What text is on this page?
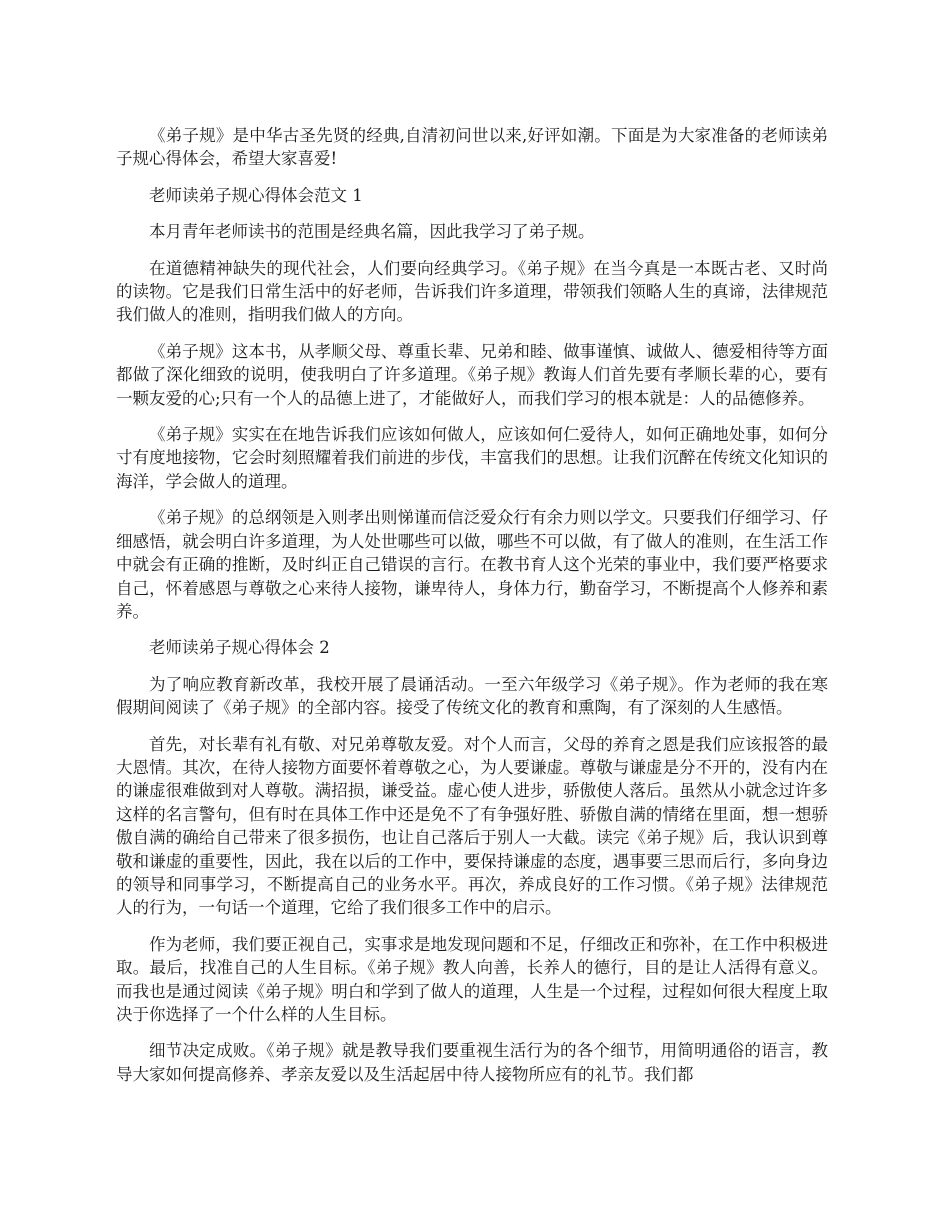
《弟子规》是中华古圣先贤的经典,自清初问世以来,好评如潮。下面是为大家准备的老师读弟子规心得体会，希望大家喜爱!

老师读弟子规心得体会范文 1

本月青年老师读书的范围是经典名篇，因此我学习了弟子规。

在道德精神缺失的现代社会，人们要向经典学习。《弟子规》在当今真是一本既古老、又时尚的读物。它是我们日常生活中的好老师，告诉我们许多道理，带领我们领略人生的真谛，法律规范我们做人的准则，指明我们做人的方向。

《弟子规》这本书，从孝顺父母、尊重长辈、兄弟和睦、做事谨慎、诚做人、德爱相待等方面都做了深化细致的说明，使我明白了许多道理。《弟子规》教诲人们首先要有孝顺长辈的心，要有一颗友爱的心;只有一个人的品德上进了，才能做好人，而我们学习的根本就是：人的品德修养。

《弟子规》实实在在地告诉我们应该如何做人，应该如何仁爱待人，如何正确地处事，如何分寸有度地接物，它会时刻照耀着我们前进的步伐，丰富我们的思想。让我们沉醉在传统文化知识的海洋，学会做人的道理。

《弟子规》的总纲领是入则孝出则悌谨而信泛爱众行有余力则以学文。只要我们仔细学习、仔细感悟，就会明白许多道理，为人处世哪些可以做，哪些不可以做，有了做人的准则，在生活工作中就会有正确的推断，及时纠正自己错误的言行。在教书育人这个光荣的事业中，我们要严格要求自己，怀着感恩与尊敬之心来待人接物，谦卑待人，身体力行，勤奋学习，不断提高个人修养和素养。

老师读弟子规心得体会 2

为了响应教育新改革，我校开展了晨诵活动。一至六年级学习《弟子规》。作为老师的我在寒假期间阅读了《弟子规》的全部内容。接受了传统文化的教育和熏陶，有了深刻的人生感悟。

首先，对长辈有礼有敬、对兄弟尊敬友爱。对个人而言，父母的养育之恩是我们应该报答的最大恩情。其次，在待人接物方面要怀着尊敬之心，为人要谦虚。尊敬与谦虚是分不开的，没有内在的谦虚很难做到对人尊敬。满招损，谦受益。虚心使人进步，骄傲使人落后。虽然从小就念过许多这样的名言警句，但有时在具体工作中还是免不了有争强好胜、骄傲自满的情绪在里面，想一想骄傲自满的确给自己带来了很多损伤，也让自己落后于别人一大截。读完《弟子规》后，我认识到尊敬和谦虚的重要性，因此，我在以后的工作中，要保持谦虚的态度，遇事要三思而后行，多向身边的领导和同事学习，不断提高自己的业务水平。再次，养成良好的工作习惯。《弟子规》法律规范人的行为，一句话一个道理，它给了我们很多工作中的启示。

作为老师，我们要正视自己，实事求是地发现问题和不足，仔细改正和弥补，在工作中积极进取。最后，找准自己的人生目标。《弟子规》教人向善，长养人的德行，目的是让人活得有意义。而我也是通过阅读《弟子规》明白和学到了做人的道理，人生是一个过程，过程如何很大程度上取决于你选择了一个什么样的人生目标。

细节决定成败。《弟子规》就是教导我们要重视生活行为的各个细节，用简明通俗的语言，教导大家如何提高修养、孝亲友爱以及生活起居中待人接物所应有的礼节。我们都
